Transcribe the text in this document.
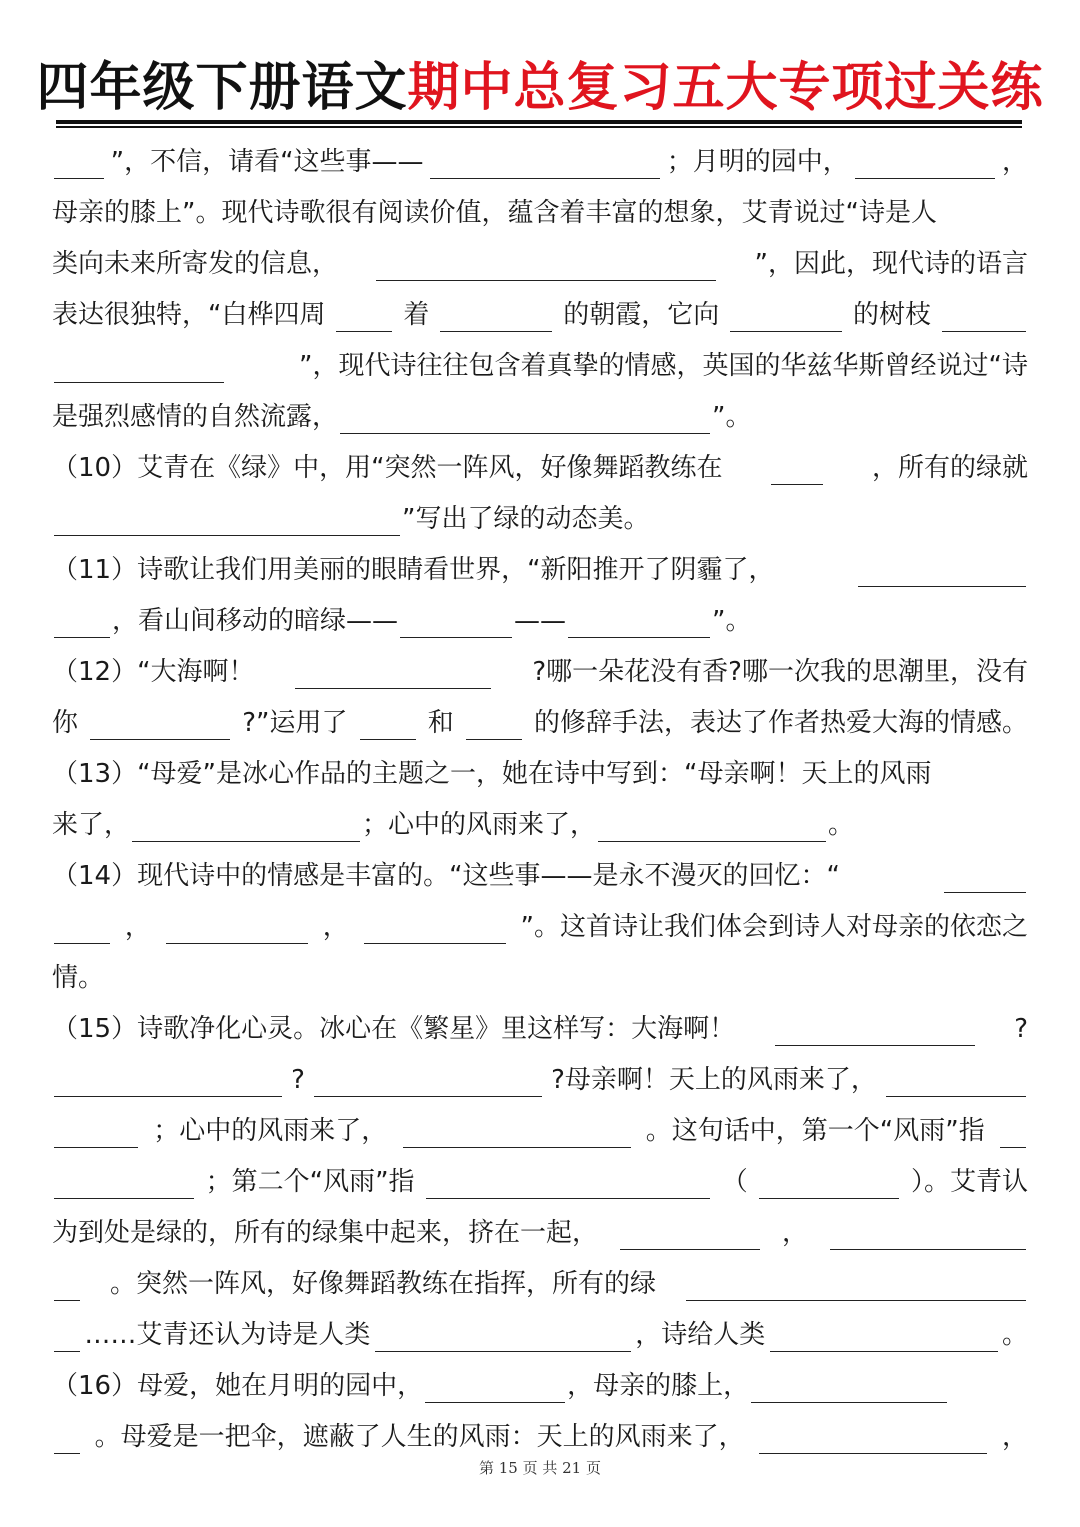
四年级下册语文期中总复习五大专项过关练
”，不信，请看“这些事——	；月明的园中，	，
母亲的膝上”。现代诗歌很有阅读价值，蕴含着丰富的想象，艾青说过“诗是人
类向未来所寄发的信息，	”，因此，现代诗的语言
表达很独特，“白桦四周	着	的朝霞，它向	的树枝
”，现代诗往往包含着真挚的情感，英国的华兹华斯曾经说过“诗
是强烈感情的自然流露，	”。
（10）艾青在《绿》中，用“突然一阵风，好像舞蹈教练在	，所有的绿就
”写出了绿的动态美。
（11）诗歌让我们用美丽的眼睛看世界，“新阳推开了阴霾了，
，看山间移动的暗绿——	——	”。
（12）“大海啊！	?哪一朵花没有香?哪一次我的思潮里，没有
你	?”运用了	和	的修辞手法，表达了作者热爱大海的情感。
（13）“母爱”是冰心作品的主题之一，她在诗中写到：“母亲啊！天上的风雨
来了，	；心中的风雨来了，	。
（14）现代诗中的情感是丰富的。“这些事——是永不漫灭的回忆：“
，	，	”。这首诗让我们体会到诗人对母亲的依恋之
情。
（15）诗歌净化心灵。冰心在《繁星》里这样写：大海啊！	?
?	?母亲啊！天上的风雨来了，
；心中的风雨来了，	。这句话中，第一个“风雨”指
；第二个“风雨”指	（	）。艾青认
为到处是绿的，所有的绿集中起来，挤在一起，	，
。突然一阵风，好像舞蹈教练在指挥，所有的绿
……艾青还认为诗是人类	，诗给人类	。
（16）母爱，她在月明的园中，	，母亲的膝上，
。母爱是一把伞，遮蔽了人生的风雨：天上的风雨来了，	，
第 15 页 共 21 页
